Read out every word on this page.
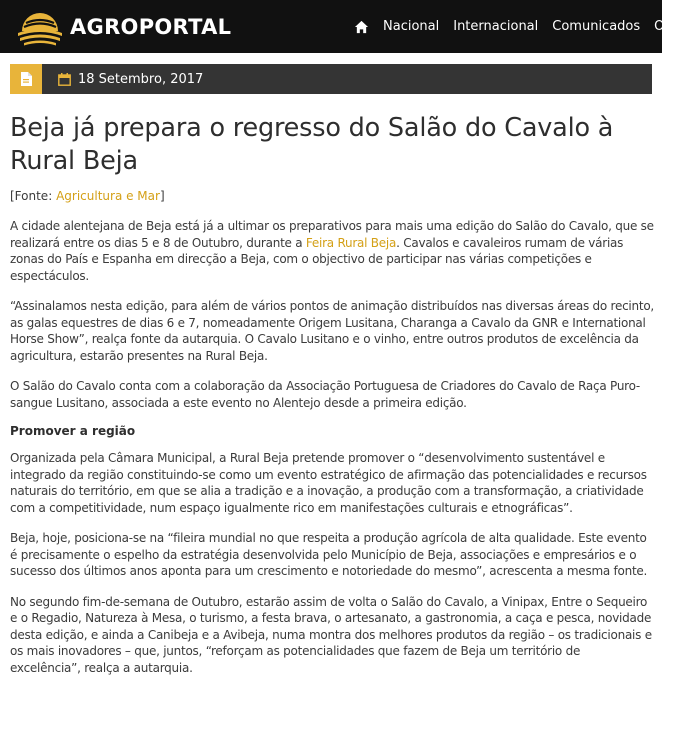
AGROPORTAL	Nacional Internacional Comunicados Op
18 Setembro, 2017
Beja já prepara o regresso do Salão do Cavalo à Rural Beja
[Fonte: Agricultura e Mar]

A cidade alentejana de Beja está já a ultimar os preparativos para mais uma edição do Salão do Cavalo, que se realizará entre os dias 5 e 8 de Outubro, durante a Feira Rural Beja. Cavalos e cavaleiros rumam de várias zonas do País e Espanha em direcção a Beja, com o objectivo de participar nas várias competições e espectáculos.

“Assinalamos nesta edição, para além de vários pontos de animação distribuídos nas diversas áreas do recinto, as galas equestres de dias 6 e 7, nomeadamente Origem Lusitana, Charanga a Cavalo da GNR e International Horse Show”, realça fonte da autarquia. O Cavalo Lusitano e o vinho, entre outros produtos de excelência da agricultura, estarão presentes na Rural Beja.

O Salão do Cavalo conta com a colaboração da Associação Portuguesa de Criadores do Cavalo de Raça Puro-sangue Lusitano, associada a este evento no Alentejo desde a primeira edição.

Promover a região

Organizada pela Câmara Municipal, a Rural Beja pretende promover o “desenvolvimento sustentável e integrado da região constituindo-se como um evento estratégico de afirmação das potencialidades e recursos naturais do território, em que se alia a tradição e a inovação, a produção com a transformação, a criatividade com a competitividade, num espaço igualmente rico em manifestações culturais e etnográficas”.

Beja, hoje, posiciona-se na “fileira mundial no que respeita a produção agrícola de alta qualidade. Este evento é precisamente o espelho da estratégia desenvolvida pelo Município de Beja, associações e empresários e o sucesso dos últimos anos aponta para um crescimento e notoriedade do mesmo”, acrescenta a mesma fonte.

No segundo fim-de-semana de Outubro, estarão assim de volta o Salão do Cavalo, a Vinipax, Entre o Sequeiro e o Regadio, Natureza à Mesa, o turismo, a festa brava, o artesanato, a gastronomia, a caça e pesca, novidade desta edição, e ainda a Canibeja e a Avibeja, numa montra dos melhores produtos da região – os tradicionais e os mais inovadores – que, juntos, “reforçam as potencialidades que fazem de Beja um território de excelência”, realça a autarquia.
